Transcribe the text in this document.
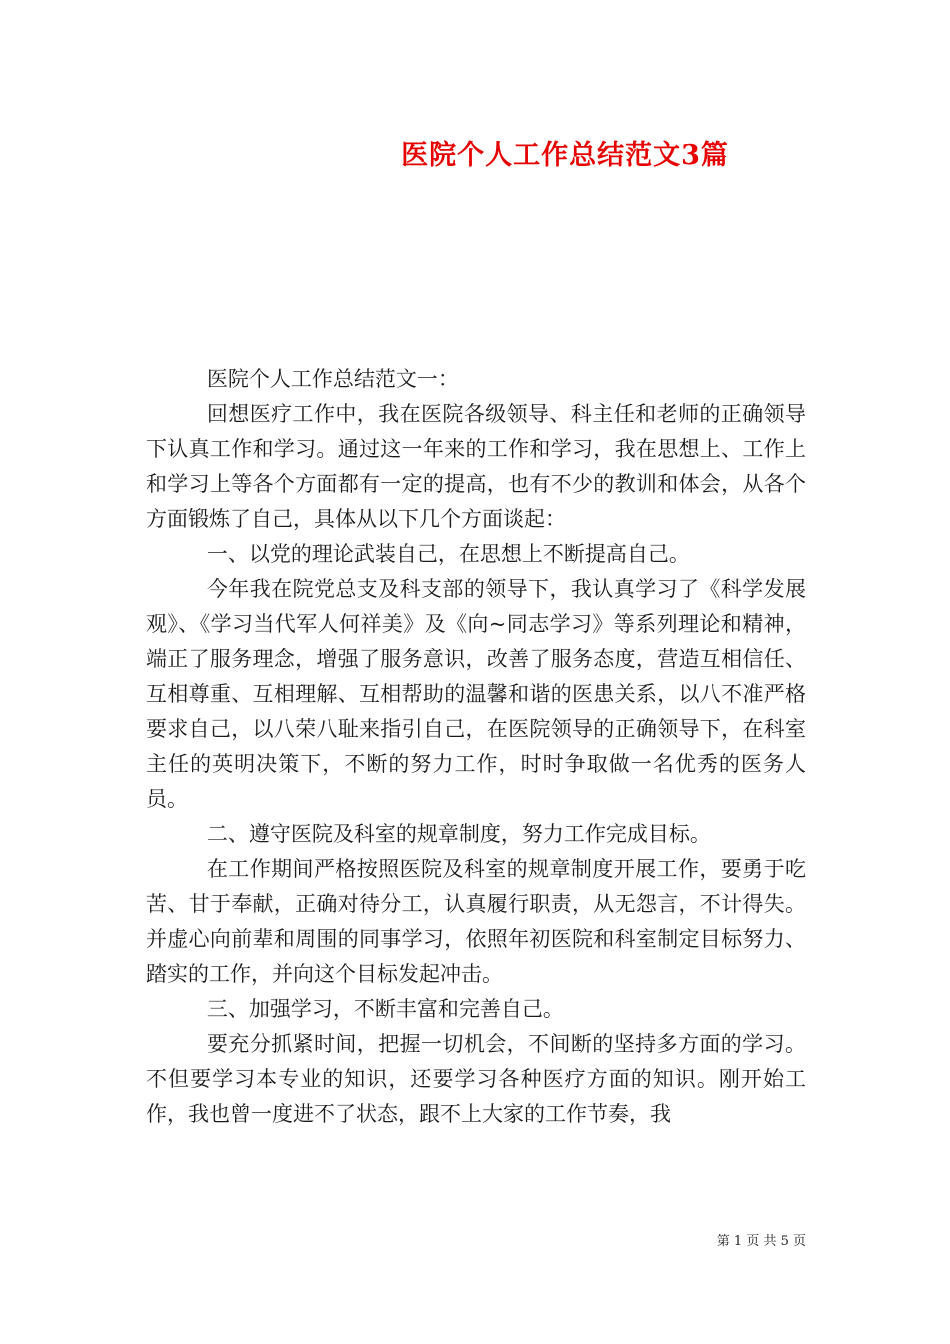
医院个人工作总结范文3篇

医院个人工作总结范文一：

回想医疗工作中，我在医院各级领导、科主任和老师的正确领导下认真工作和学习。通过这一年来的工作和学习，我在思想上、工作上和学习上等各个方面都有一定的提高，也有不少的教训和体会，从各个方面锻炼了自己，具体从以下几个方面谈起：

一、以党的理论武装自己，在思想上不断提高自己。

今年我在院党总支及科支部的领导下，我认真学习了《科学发展观》、《学习当代军人何祥美》及《向~同志学习》等系列理论和精神，端正了服务理念，增强了服务意识，改善了服务态度，营造互相信任、互相尊重、互相理解、互相帮助的温馨和谐的医患关系，以八不准严格要求自己，以八荣八耻来指引自己，在医院领导的正确领导下，在科室主任的英明决策下，不断的努力工作，时时争取做一名优秀的医务人员。

二、遵守医院及科室的规章制度，努力工作完成目标。

在工作期间严格按照医院及科室的规章制度开展工作，要勇于吃苦、甘于奉献，正确对待分工，认真履行职责，从无怨言，不计得失。并虚心向前辈和周围的同事学习，依照年初医院和科室制定目标努力、踏实的工作，并向这个目标发起冲击。

三、加强学习，不断丰富和完善自己。

要充分抓紧时间，把握一切机会，不间断的坚持多方面的学习。不但要学习本专业的知识，还要学习各种医疗方面的知识。刚开始工作，我也曾一度进不了状态，跟不上大家的工作节奏，我

第 1 页 共 5 页
